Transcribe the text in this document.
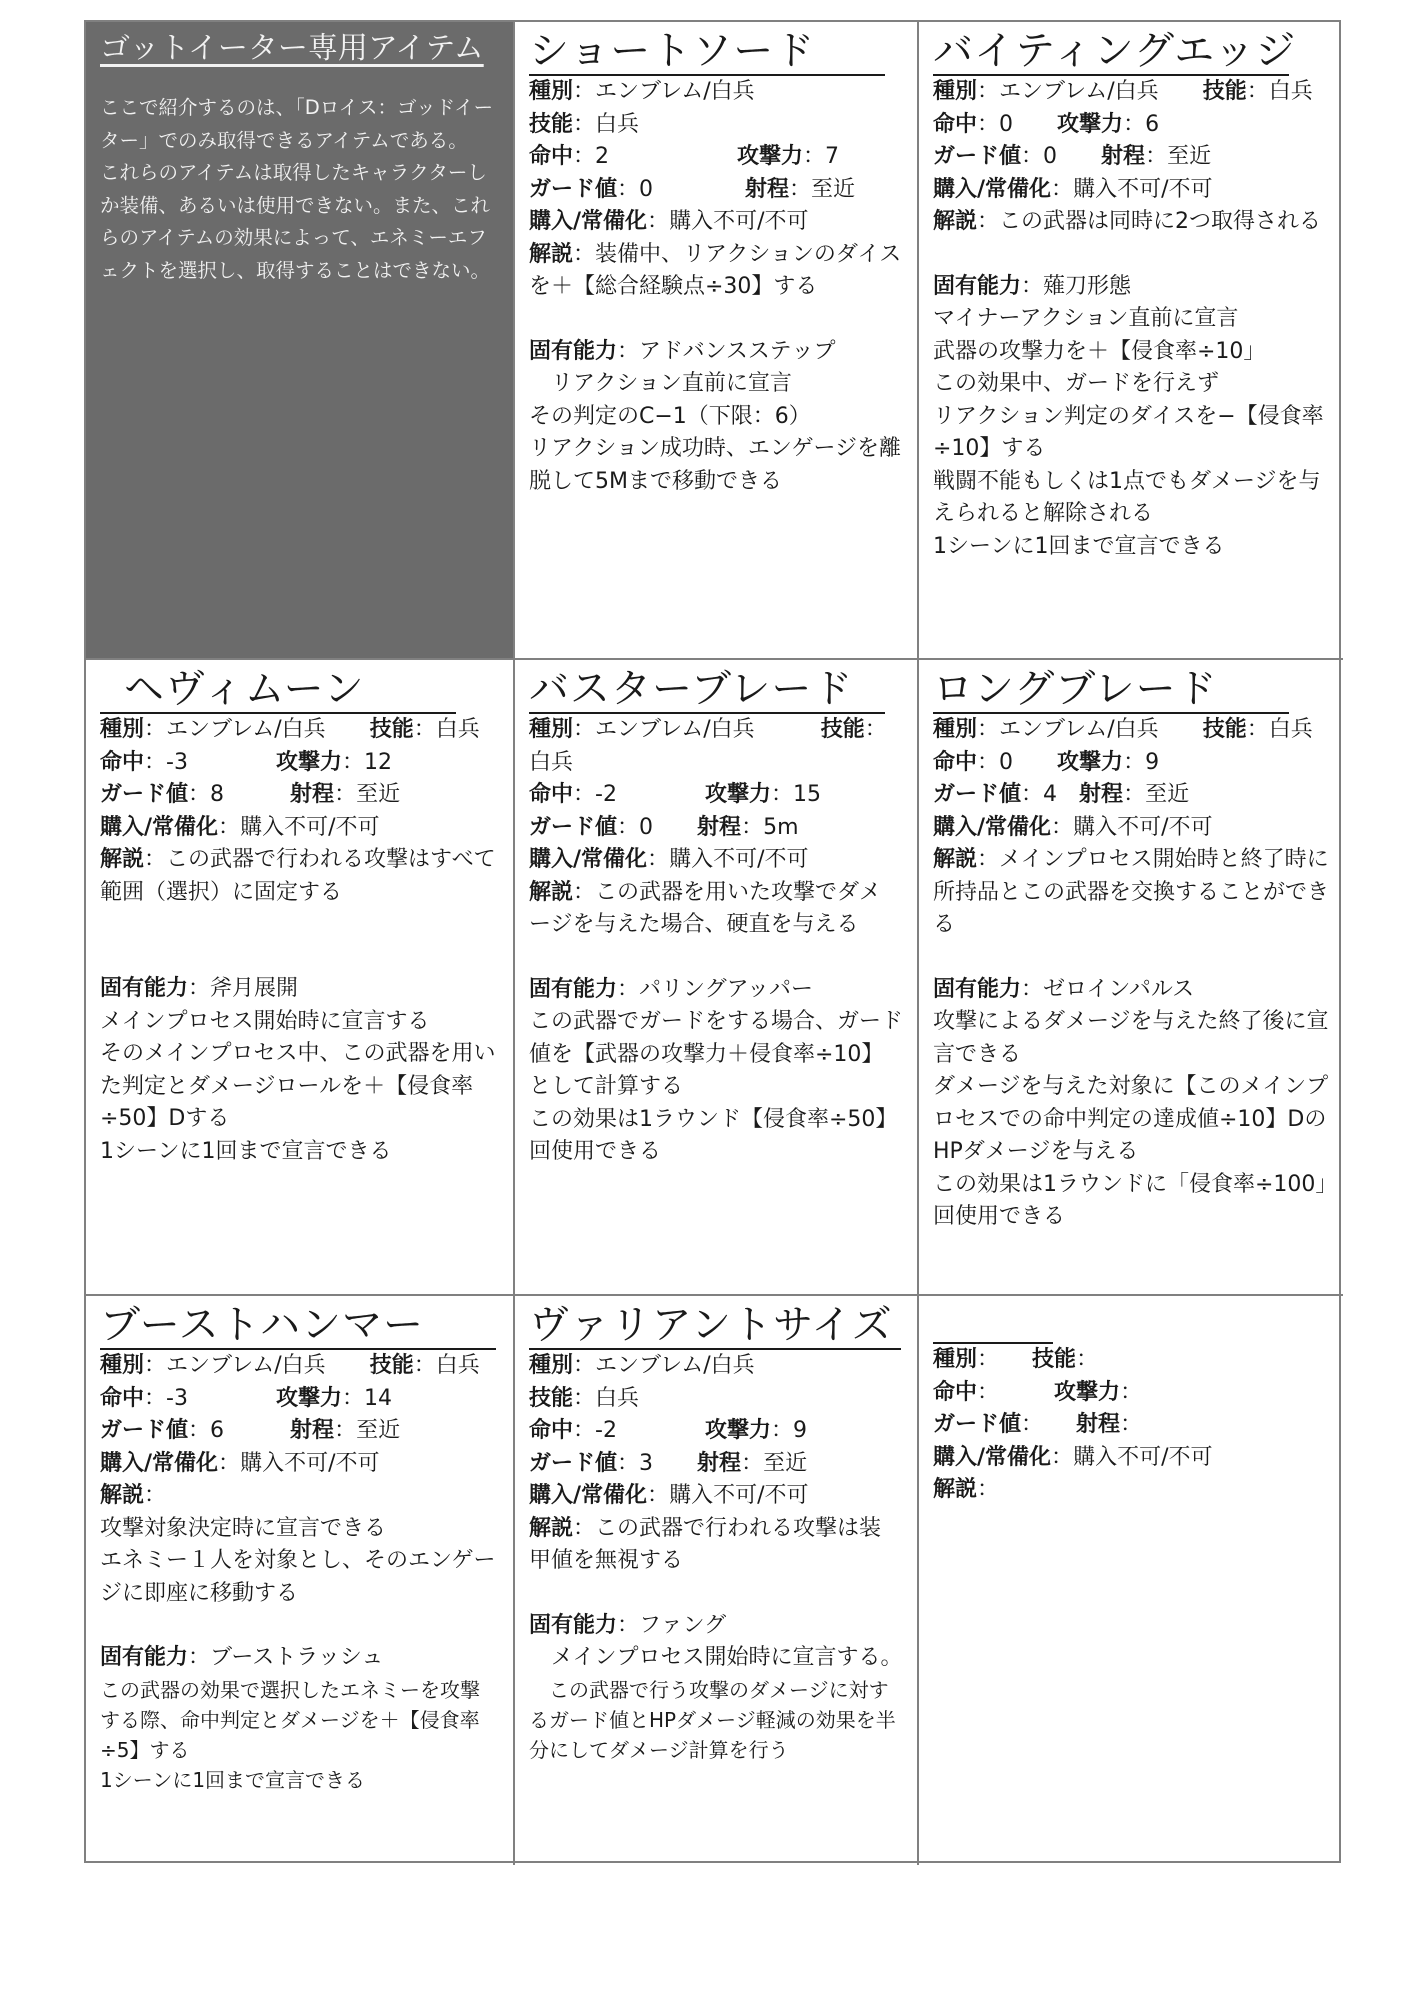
ゴットイーター専用アイテム

ここで紹介するのは、「Dロイス：ゴッドイーター」でのみ取得できるアイテムである。
これらのアイテムは取得したキャラクターしか装備、あるいは使用できない。また、これらのアイテムの効果によって、エネミーエフェクトを選択し、取得することはできない。

ショートソード

種別：エンブレム/白兵

技能：白兵

命中：2	攻撃力：7

ガード値：0	射程：至近

購入/常備化：購入不可/不可

解説：装備中、リアクションのダイスを＋【総合経験点÷30】する

固有能力：アドバンスステップ

　リアクション直前に宣言

その判定のC−1（下限：6）

リアクション成功時、エンゲージを離脱して5Mまで移動できる

バイティングエッジ

種別：エンブレム/白兵　　 技能：白兵

命中：0　　 攻撃力：6

ガード値：0　　 射程：至近

購入/常備化：購入不可/不可

解説：この武器は同時に2つ取得される

固有能力：薙刀形態

マイナーアクション直前に宣言

武器の攻撃力を＋【侵食率÷10」

この効果中、ガードを行えず

リアクション判定のダイスを−【侵食率÷10】する

戦闘不能もしくは1点でもダメージを与えられると解除される

1シーンに1回まで宣言できる

ヘヴィムーン

種別：エンブレム/白兵　　 技能：白兵

命中：-3　　　　	攻撃力：12

ガード値：8　　　	射程：至近

購入/常備化：購入不可/不可

解説：この武器で行われる攻撃はすべて範囲（選択）に固定する

固有能力：斧月展開

メインプロセス開始時に宣言する

そのメインプロセス中、この武器を用いた判定とダメージロールを＋【侵食率÷50】Dする

1シーンに1回まで宣言できる

バスターブレード

種別：エンブレム/白兵　　　	技能：白兵

命中：-2　　　　	攻撃力：15

ガード値：0　　 射程：5m

購入/常備化：購入不可/不可

解説：この武器を用いた攻撃でダメージを与えた場合、硬直を与える

固有能力：パリングアッパー

この武器でガードをする場合、ガード値を【武器の攻撃力＋侵食率÷10】として計算する

この効果は1ラウンド【侵食率÷50】回使用できる

ロングブレード

種別：エンブレム/白兵　　 技能：白兵

命中：0　　 攻撃力：9

ガード値：4　 射程：至近

購入/常備化：購入不可/不可

解説：メインプロセス開始時と終了時に所持品とこの武器を交換することができる

固有能力：ゼロインパルス

攻撃によるダメージを与えた終了後に宣言できる

ダメージを与えた対象に【このメインプロセスでの命中判定の達成値÷10】DのHPダメージを与える

この効果は1ラウンドに「侵食率÷100」回使用できる

ブーストハンマー

種別：エンブレム/白兵　　 技能：白兵

命中：-3　　　　	攻撃力：14

ガード値：6　　　	射程：至近

購入/常備化：購入不可/不可

解説：

攻撃対象決定時に宣言できる

エネミー１人を対象とし、そのエンゲージに即座に移動する

固有能力：ブーストラッシュ

この武器の効果で選択したエネミーを攻撃する際、命中判定とダメージを＋【侵食率÷5】する

1シーンに1回まで宣言できる

ヴァリアントサイズ

種別：エンブレム/白兵

技能：白兵

命中：-2　　　　	攻撃力：9

ガード値：3　　 射程：至近

購入/常備化：購入不可/不可

解説：この武器で行われる攻撃は装甲値を無視する

固有能力：ファング

　メインプロセス開始時に宣言する。

　この武器で行う攻撃のダメージに対するガード値とHPダメージ軽減の効果を半分にしてダメージ計算を行う

種別：　　 技能：

命中：　　　	攻撃力：

ガード値：　　 射程：

購入/常備化：購入不可/不可

解説：
